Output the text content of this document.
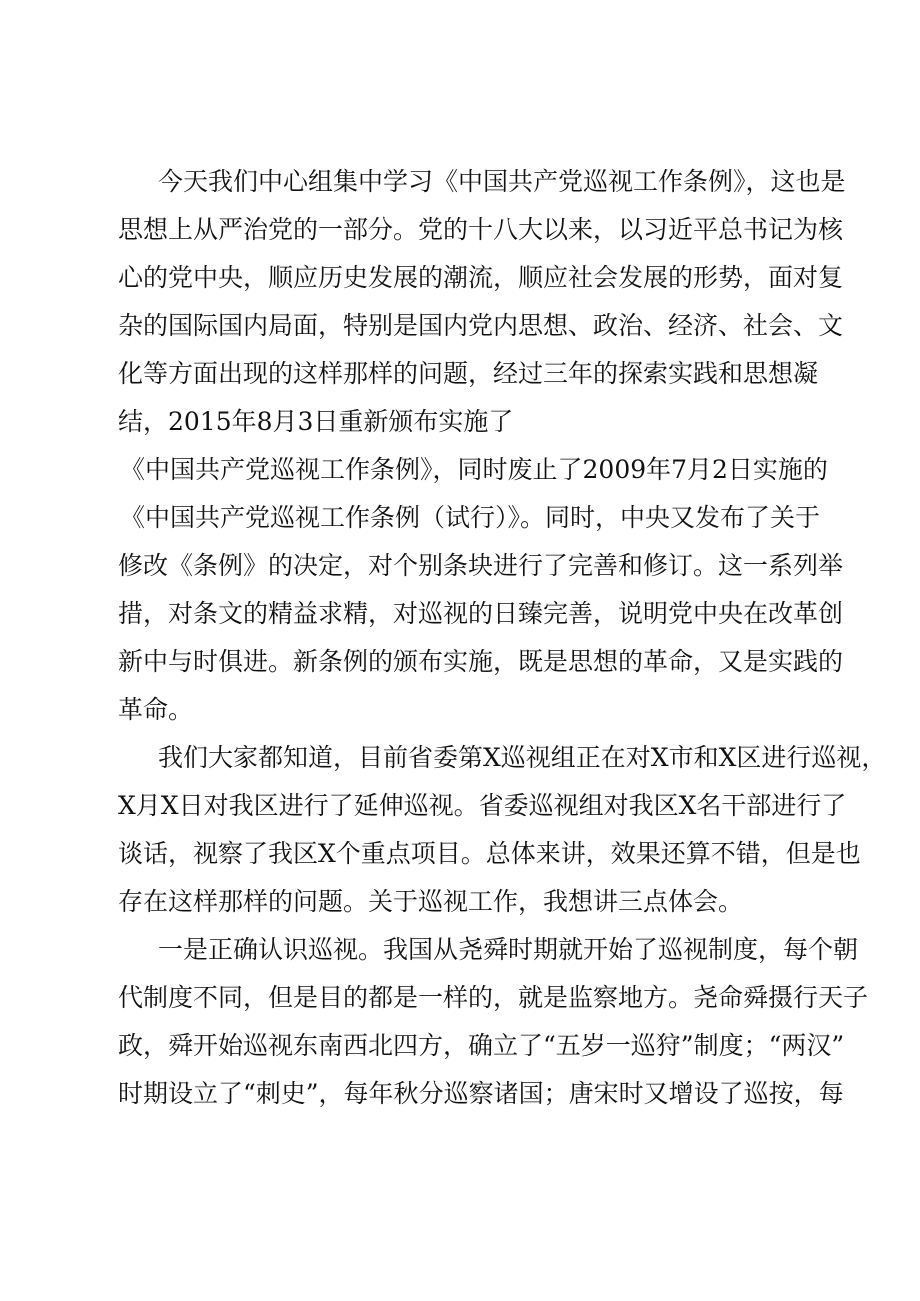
今天我们中心组集中学习《中国共产党巡视工作条例》，这也是
思想上从严治党的一部分。党的十八大以来，以习近平总书记为核
心的党中央，顺应历史发展的潮流，顺应社会发展的形势，面对复
杂的国际国内局面，特别是国内党内思想、政治、经济、社会、文
化等方面出现的这样那样的问题，经过三年的探索实践和思想凝
结，2015年8月3日重新颁布实施了
《中国共产党巡视工作条例》，同时废止了2009年7月2日实施的
《中国共产党巡视工作条例（试行）》。同时，中央又发布了关于
修改《条例》的决定，对个别条块进行了完善和修订。这一系列举
措，对条文的精益求精，对巡视的日臻完善，说明党中央在改革创
新中与时俱进。新条例的颁布实施，既是思想的革命，又是实践的
革命。
我们大家都知道，目前省委第X巡视组正在对X市和X区进行巡视，
X月X日对我区进行了延伸巡视。省委巡视组对我区X名干部进行了
谈话，视察了我区X个重点项目。总体来讲，效果还算不错，但是也
存在这样那样的问题。关于巡视工作，我想讲三点体会。
一是正确认识巡视。我国从尧舜时期就开始了巡视制度，每个朝
代制度不同，但是目的都是一样的，就是监察地方。尧命舜摄行天子
政，舜开始巡视东南西北四方，确立了“五岁一巡狩”制度；“两汉”
时期设立了“刺史”，每年秋分巡察诸国；唐宋时又增设了巡按，每
